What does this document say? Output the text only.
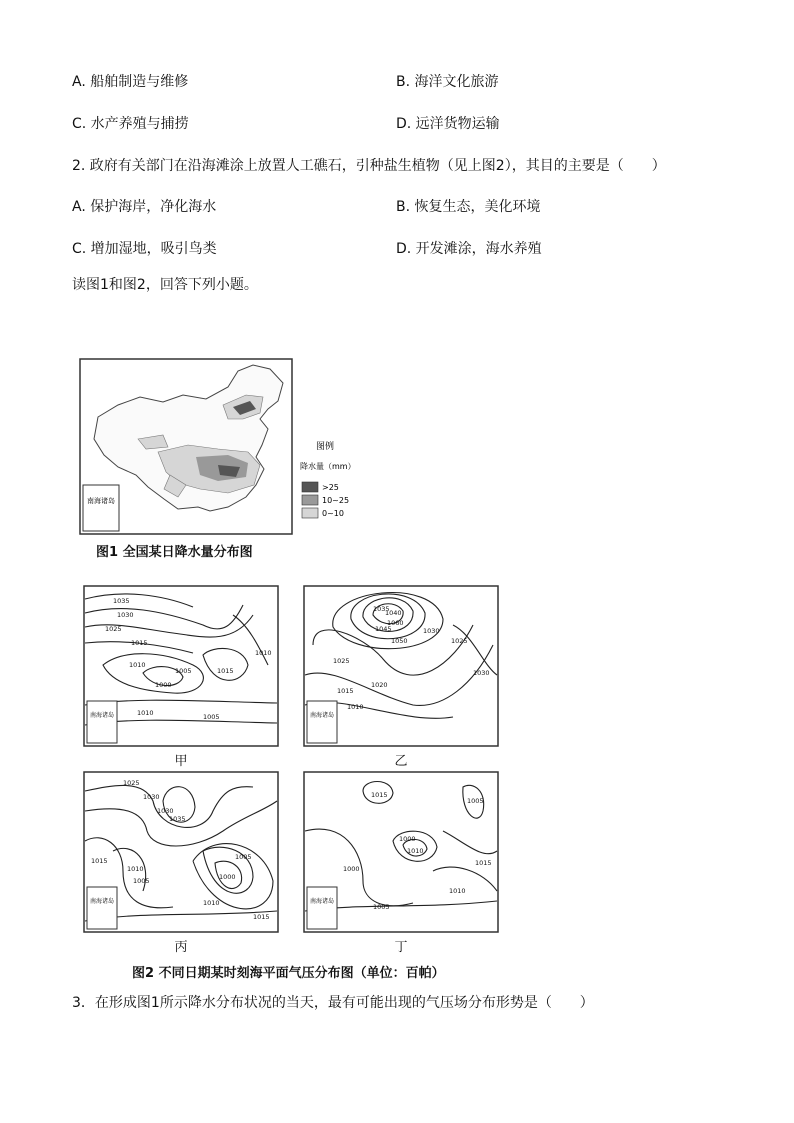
A. 船舶制造与维修	B. 海洋文化旅游
C. 水产养殖与捕捞	D. 远洋货物运输
2. 政府有关部门在沿海滩涂上放置人工礁石，引种盐生植物（见上图2），其目的主要是（　　）
A. 保护海岸，净化海水	B. 恢复生态，美化环境
C. 增加湿地，吸引鸟类	D. 开发滩涂，海水养殖
读图1和图2，回答下列小题。
南海诸岛
图例
降水量（mm）
>25
10~25
0~10
图1 全国某日降水量分布图
1035
1030
1025
1015
1010
1005
1000
1015
1010
1005
1010
南海诸岛
甲
1035
1040
1045
1050
1060
1030
1025
1020
1015
1010
1025
1030
南海诸岛
乙
1025
1030
1035
1030
1015
1010
1005	1000
1005
1015
1010
南海诸岛
丙
1015
1005
1000
1010
1015
1010
1005
1000
南海诸岛
丁
图2 不同日期某时刻海平面气压分布图（单位：百帕）
3．在形成图1所示降水分布状况的当天，最有可能出现的气压场分布形势是（　　）
